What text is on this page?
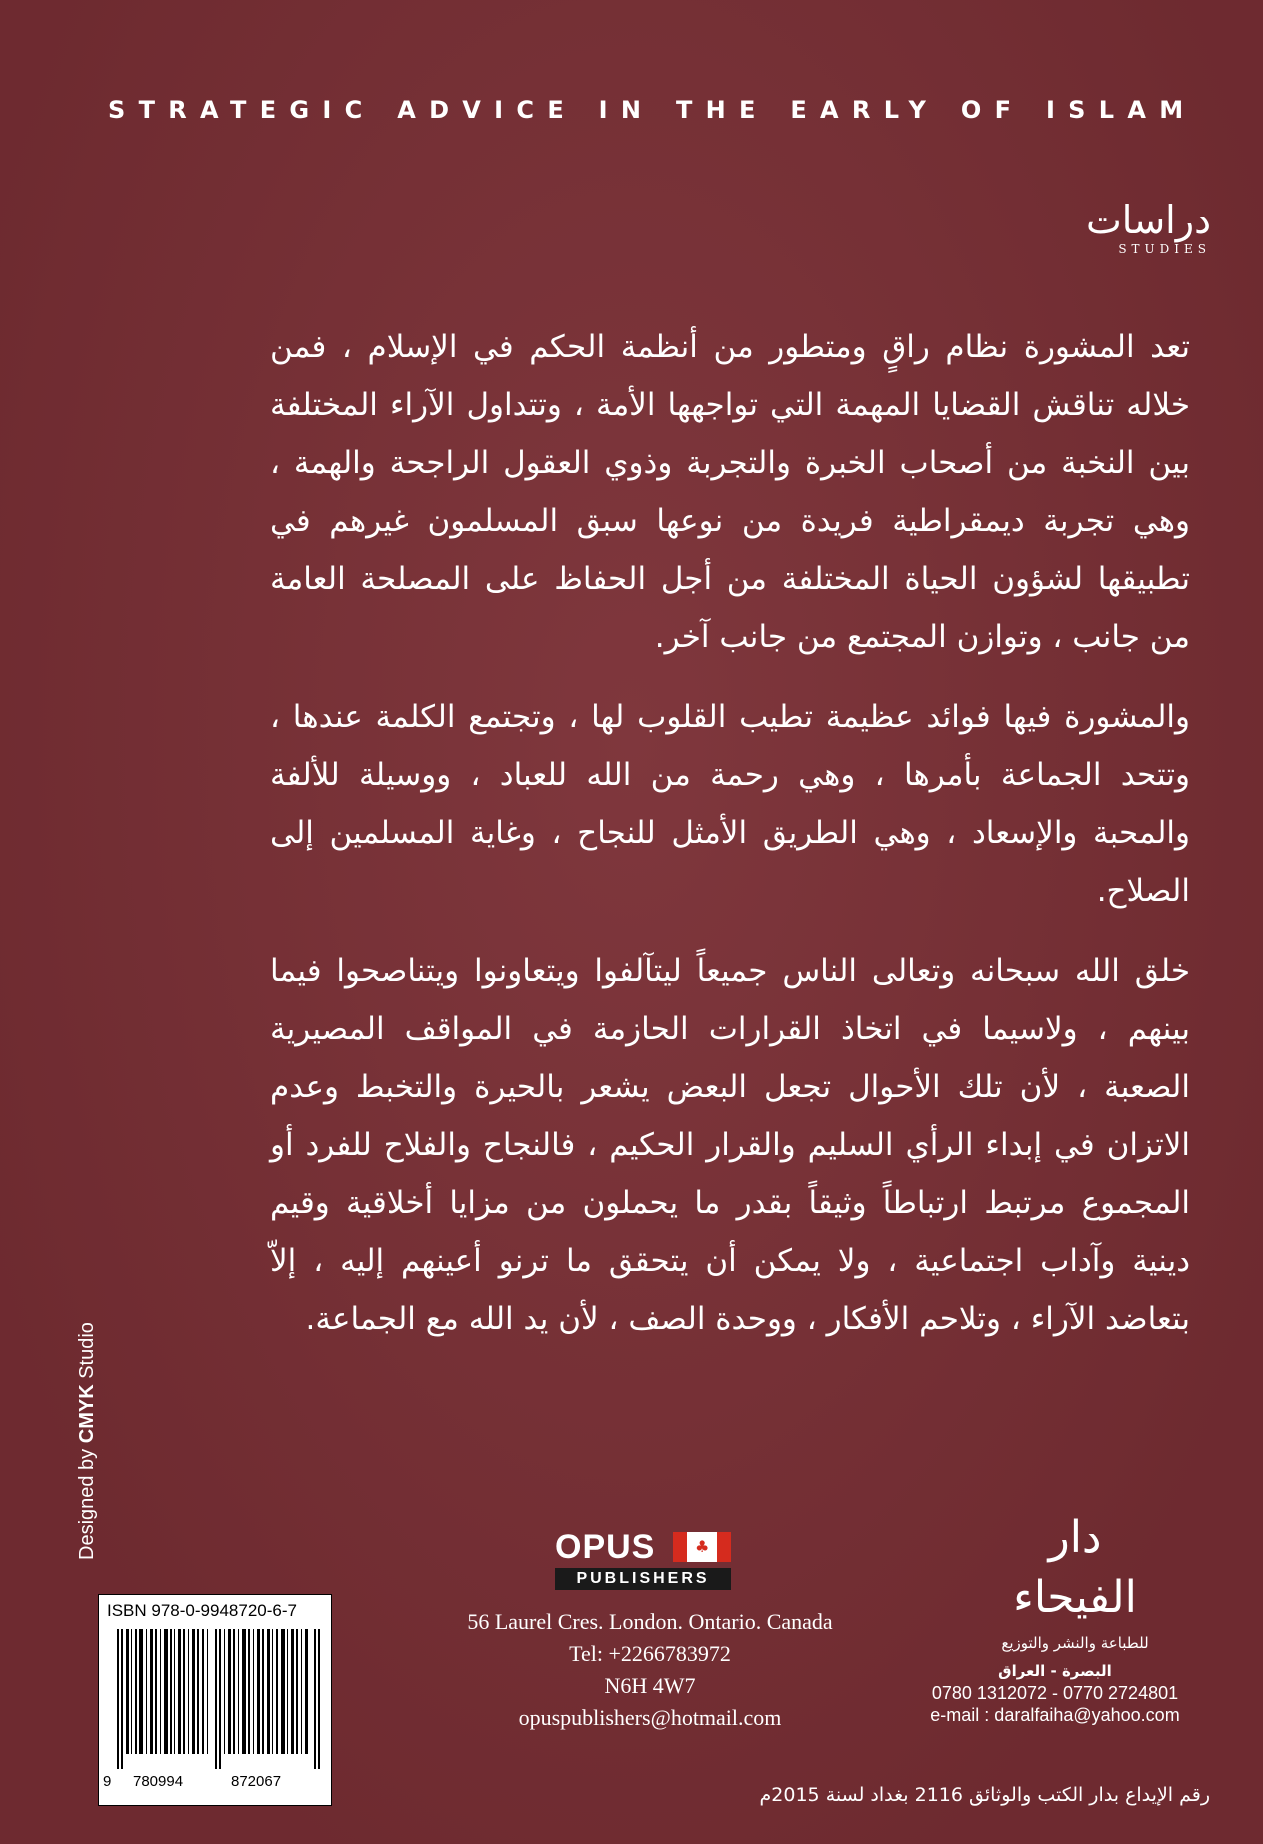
STRATEGIC ADVICE IN THE EARLY OF ISLAM
دراسات
STUDIES

تعد المشورة نظام راقٍ ومتطور من أنظمة الحكم في الإسلام ، فمن خلاله تناقش القضايا المهمة التي تواجهها الأمة ، وتتداول الآراء المختلفة بين النخبة من أصحاب الخبرة والتجربة وذوي العقول الراجحة والهمة ، وهي تجربة ديمقراطية فريدة من نوعها سبق المسلمون غيرهم في تطبيقها لشؤون الحياة المختلفة من أجل الحفاظ على المصلحة العامة من جانب ، وتوازن المجتمع من جانب آخر.

والمشورة فيها فوائد عظيمة تطيب القلوب لها ، وتجتمع الكلمة عندها ، وتتحد الجماعة بأمرها ، وهي رحمة من الله للعباد ، ووسيلة للألفة والمحبة والإسعاد ، وهي الطريق الأمثل للنجاح ، وغاية المسلمين إلى الصلاح.

خلق الله سبحانه وتعالى الناس جميعاً ليتآلفوا ويتعاونوا ويتناصحوا فيما بينهم ، ولاسيما في اتخاذ القرارات الحازمة في المواقف المصيرية الصعبة ، لأن تلك الأحوال تجعل البعض يشعر بالحيرة والتخبط وعدم الاتزان في إبداء الرأي السليم والقرار الحكيم ، فالنجاح والفلاح للفرد أو المجموع مرتبط ارتباطاً وثيقاً بقدر ما يحملون من مزايا أخلاقية وقيم دينية وآداب اجتماعية ، ولا يمكن أن يتحقق ما ترنو أعينهم إليه ، إلاّ بتعاضد الآراء ، وتلاحم الأفكار ، ووحدة الصف ، لأن يد الله مع الجماعة.

Designed by CMYK Studio
ISBN 978-0-9948720-6-7
9 780994	872067
OPUS ♣
PUBLISHERS
56 Laurel Cres. London. Ontario. Canada
Tel: +2266783972
N6H 4W7
opuspublishers@hotmail.com
دار الفيحاء
للطباعة والنشر والتوزيع
البصرة - العراق
0780 1312072 - 0770 2724801
e-mail : daralfaiha@yahoo.com
رقم الإيداع بدار الكتب والوثائق 2116 بغداد لسنة 2015م
